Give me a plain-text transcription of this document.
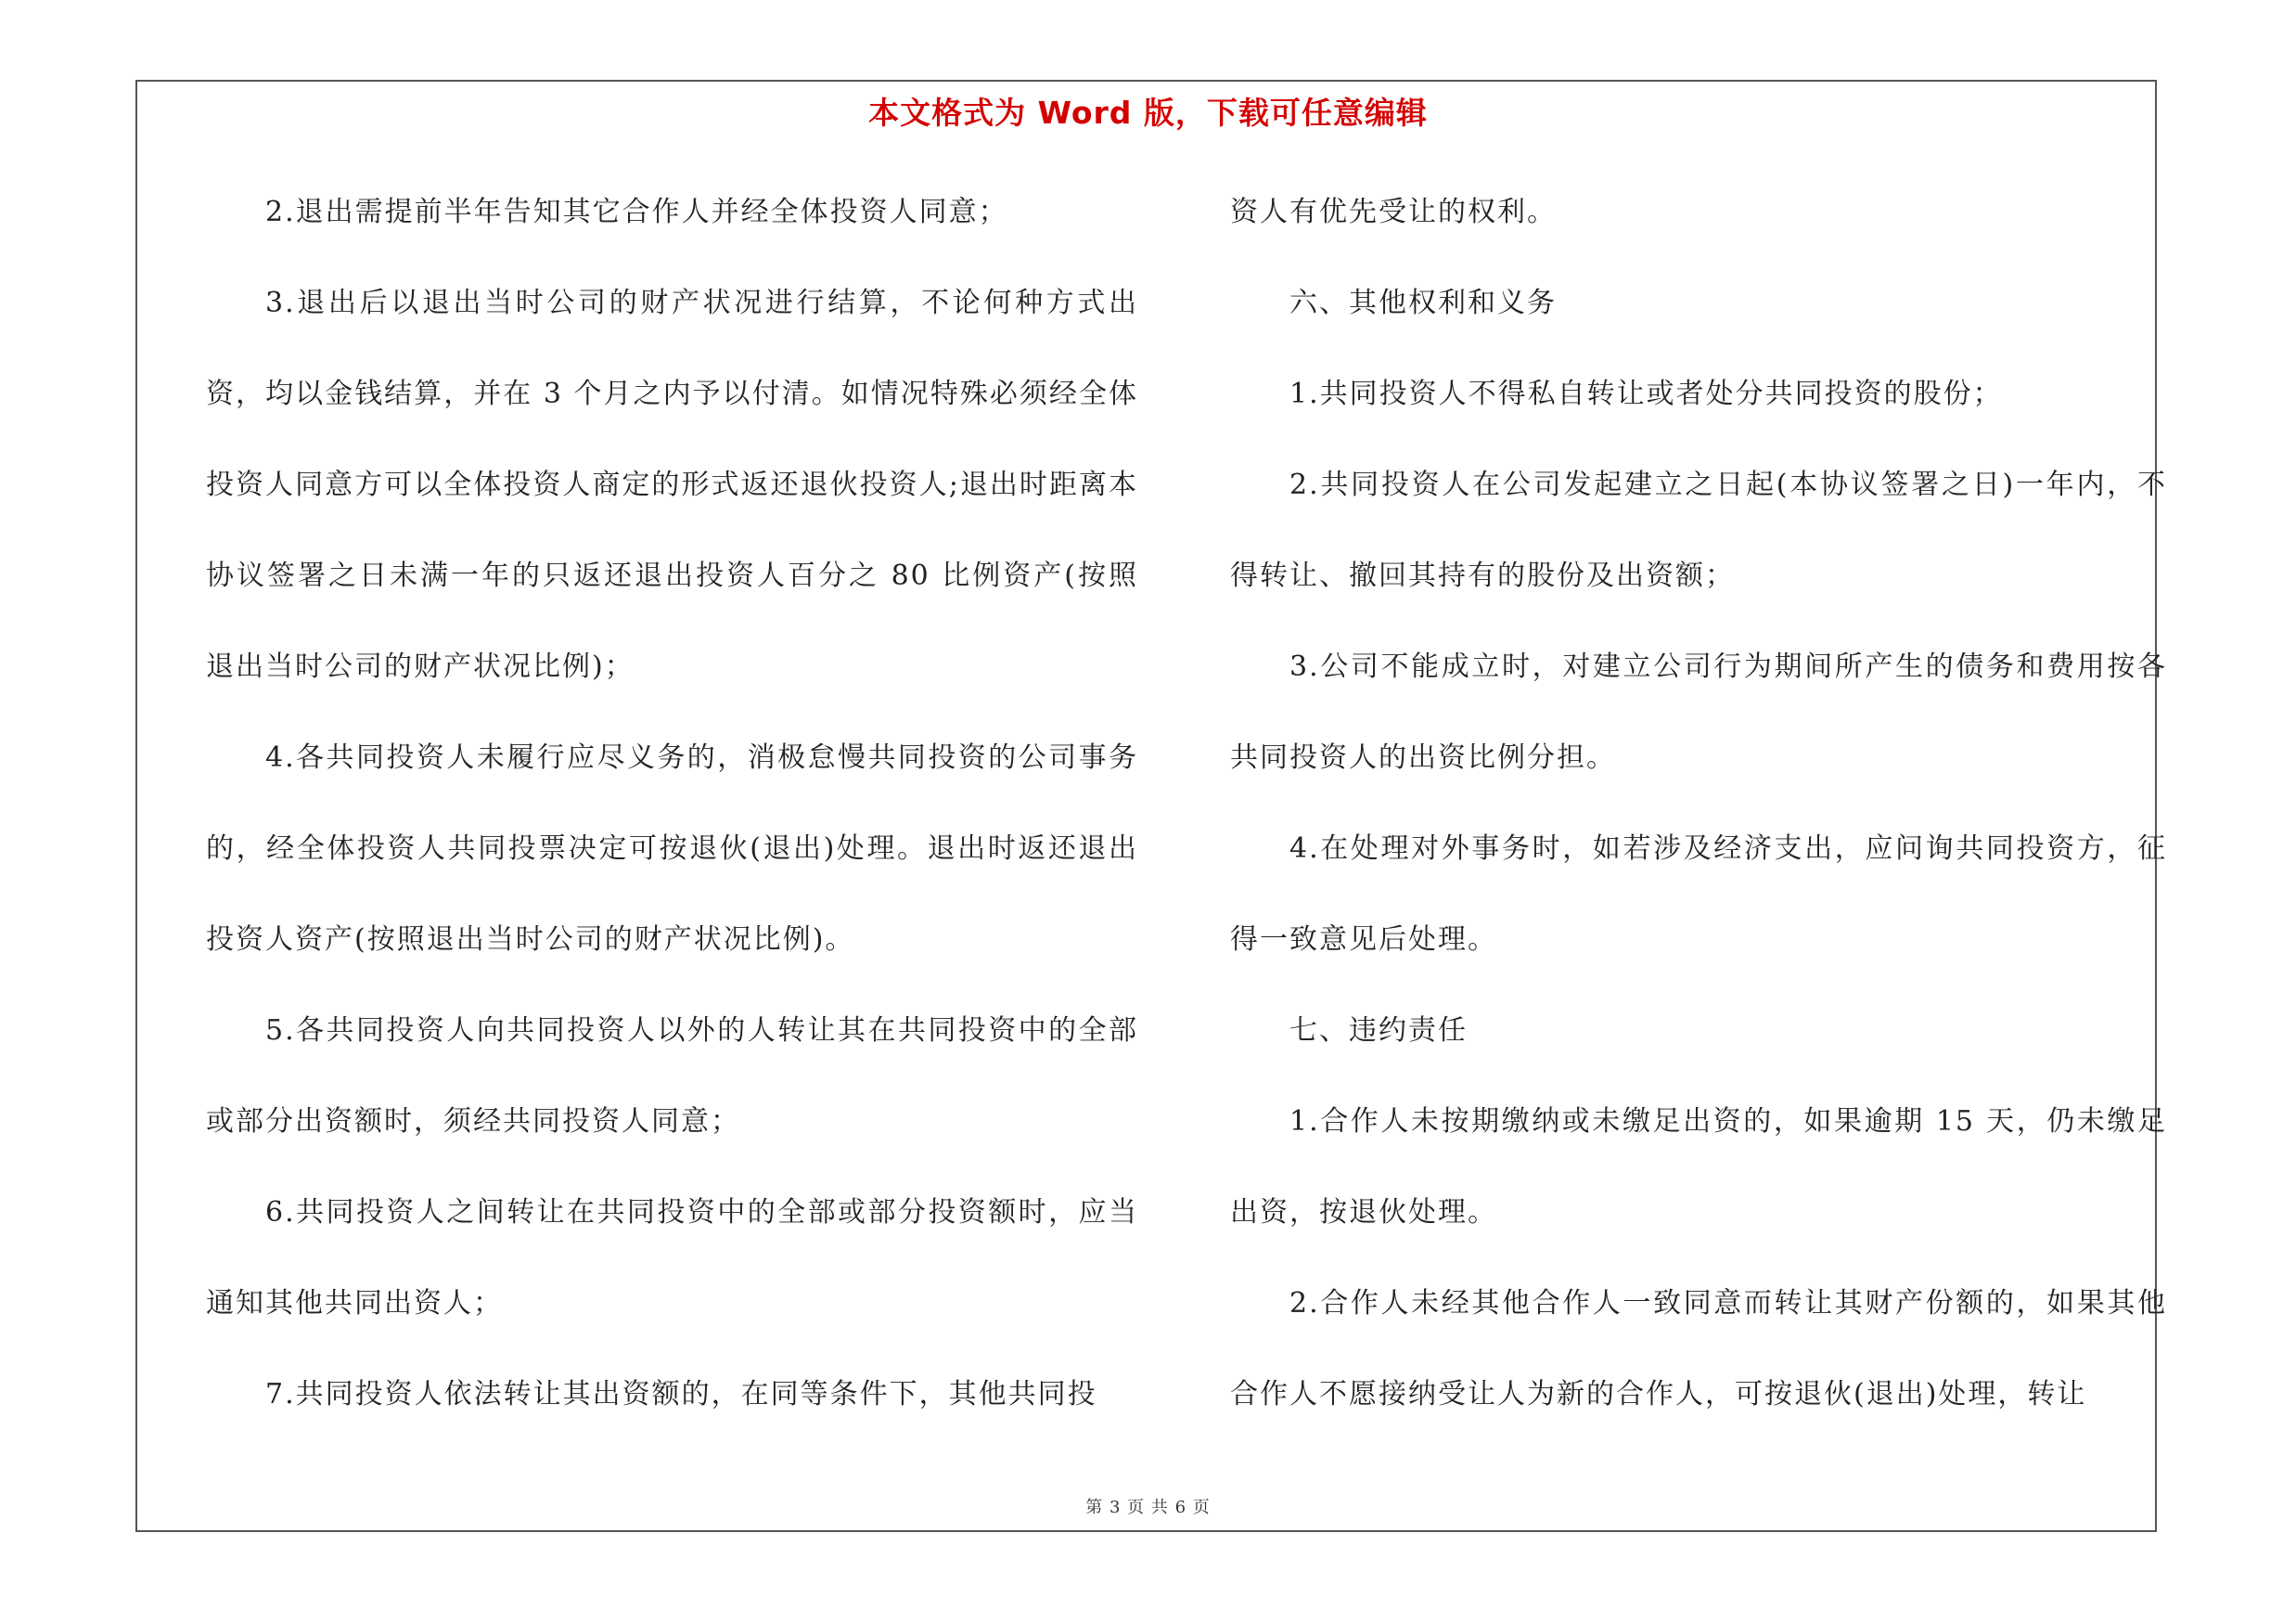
本文格式为 Word 版，下载可任意编辑

2.退出需提前半年告知其它合作人并经全体投资人同意；

3.退出后以退出当时公司的财产状况进行结算，不论何种方式出资，均以金钱结算，并在 3 个月之内予以付清。如情况特殊必须经全体投资人同意方可以全体投资人商定的形式返还退伙投资人;退出时距离本协议签署之日未满一年的只返还退出投资人百分之 80 比例资产(按照退出当时公司的财产状况比例)；

4.各共同投资人未履行应尽义务的，消极怠慢共同投资的公司事务的，经全体投资人共同投票决定可按退伙(退出)处理。退出时返还退出投资人资产(按照退出当时公司的财产状况比例)。

5.各共同投资人向共同投资人以外的人转让其在共同投资中的全部或部分出资额时，须经共同投资人同意；

6.共同投资人之间转让在共同投资中的全部或部分投资额时，应当通知其他共同出资人；

7.共同投资人依法转让其出资额的，在同等条件下，其他共同投

资人有优先受让的权利。

六、其他权利和义务

1.共同投资人不得私自转让或者处分共同投资的股份；

2.共同投资人在公司发起建立之日起(本协议签署之日)一年内，不得转让、撤回其持有的股份及出资额；

3.公司不能成立时，对建立公司行为期间所产生的债务和费用按各共同投资人的出资比例分担。

4.在处理对外事务时，如若涉及经济支出，应问询共同投资方，征得一致意见后处理。

七、违约责任

1.合作人未按期缴纳或未缴足出资的，如果逾期 15 天，仍未缴足出资，按退伙处理。

2.合作人未经其他合作人一致同意而转让其财产份额的，如果其他合作人不愿接纳受让人为新的合作人，可按退伙(退出)处理，转让

第 3 页 共 6 页
